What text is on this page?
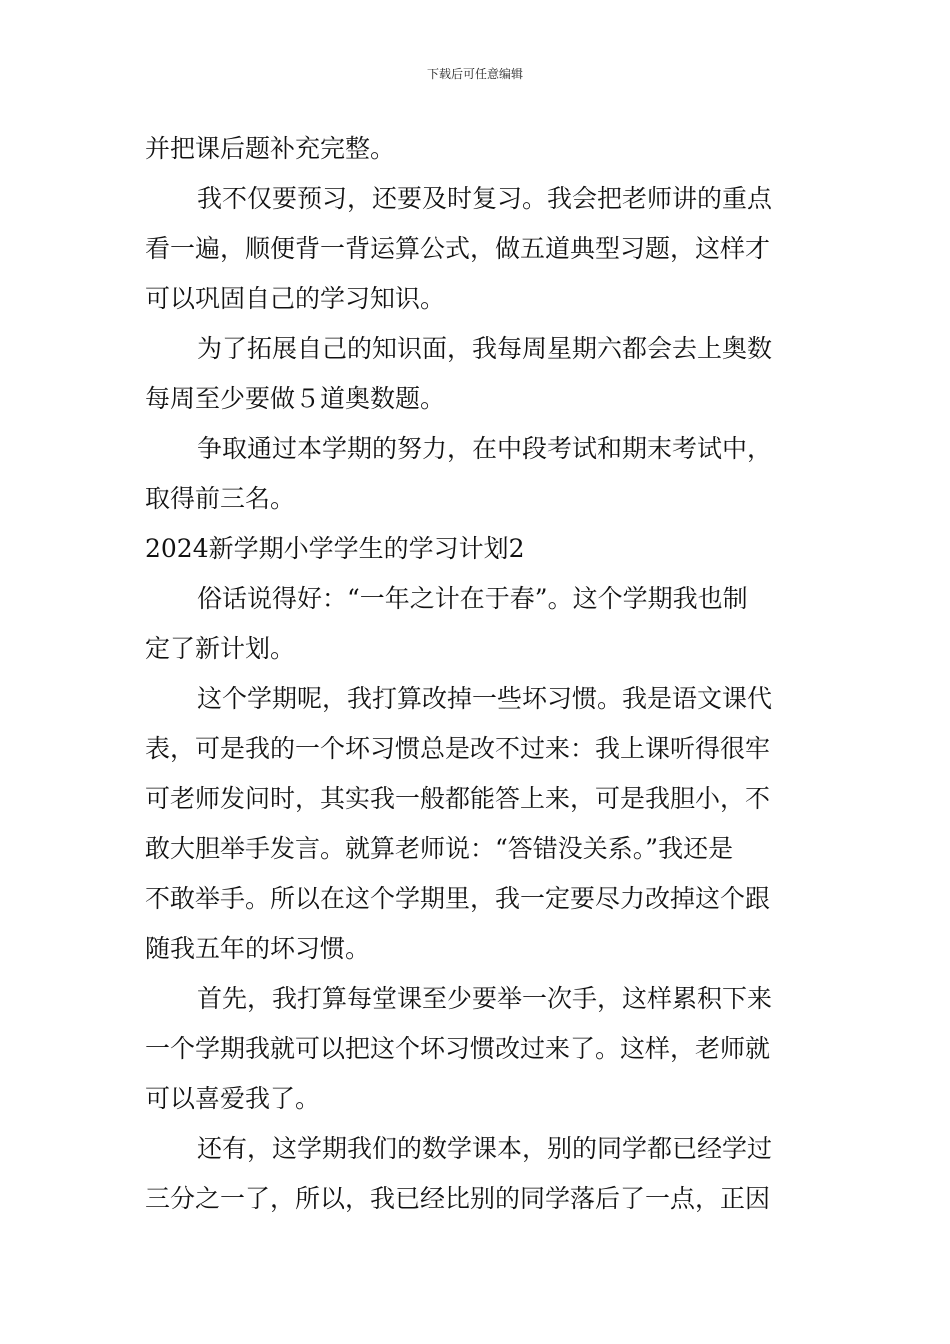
下载后可任意编辑
并把课后题补充完整。
我不仅要预习，还要及时复习。我会把老师讲的重点
看一遍，顺便背一背运算公式，做五道典型习题，这样才
可以巩固自己的学习知识。
为了拓展自己的知识面，我每周星期六都会去上奥数
每周至少要做５道奥数题。
争取通过本学期的努力，在中段考试和期末考试中，
取得前三名。
2024新学期小学学生的学习计划2
俗话说得好：“一年之计在于春”。这个学期我也制
定了新计划。
这个学期呢，我打算改掉一些坏习惯。我是语文课代
表，可是我的一个坏习惯总是改不过来：我上课听得很牢
可老师发问时，其实我一般都能答上来，可是我胆小，不
敢大胆举手发言。就算老师说：“答错没关系。”我还是
不敢举手。所以在这个学期里，我一定要尽力改掉这个跟
随我五年的坏习惯。
首先，我打算每堂课至少要举一次手，这样累积下来
一个学期我就可以把这个坏习惯改过来了。这样，老师就
可以喜爱我了。
还有，这学期我们的数学课本，别的同学都已经学过
三分之一了，所以，我已经比别的同学落后了一点，正因
